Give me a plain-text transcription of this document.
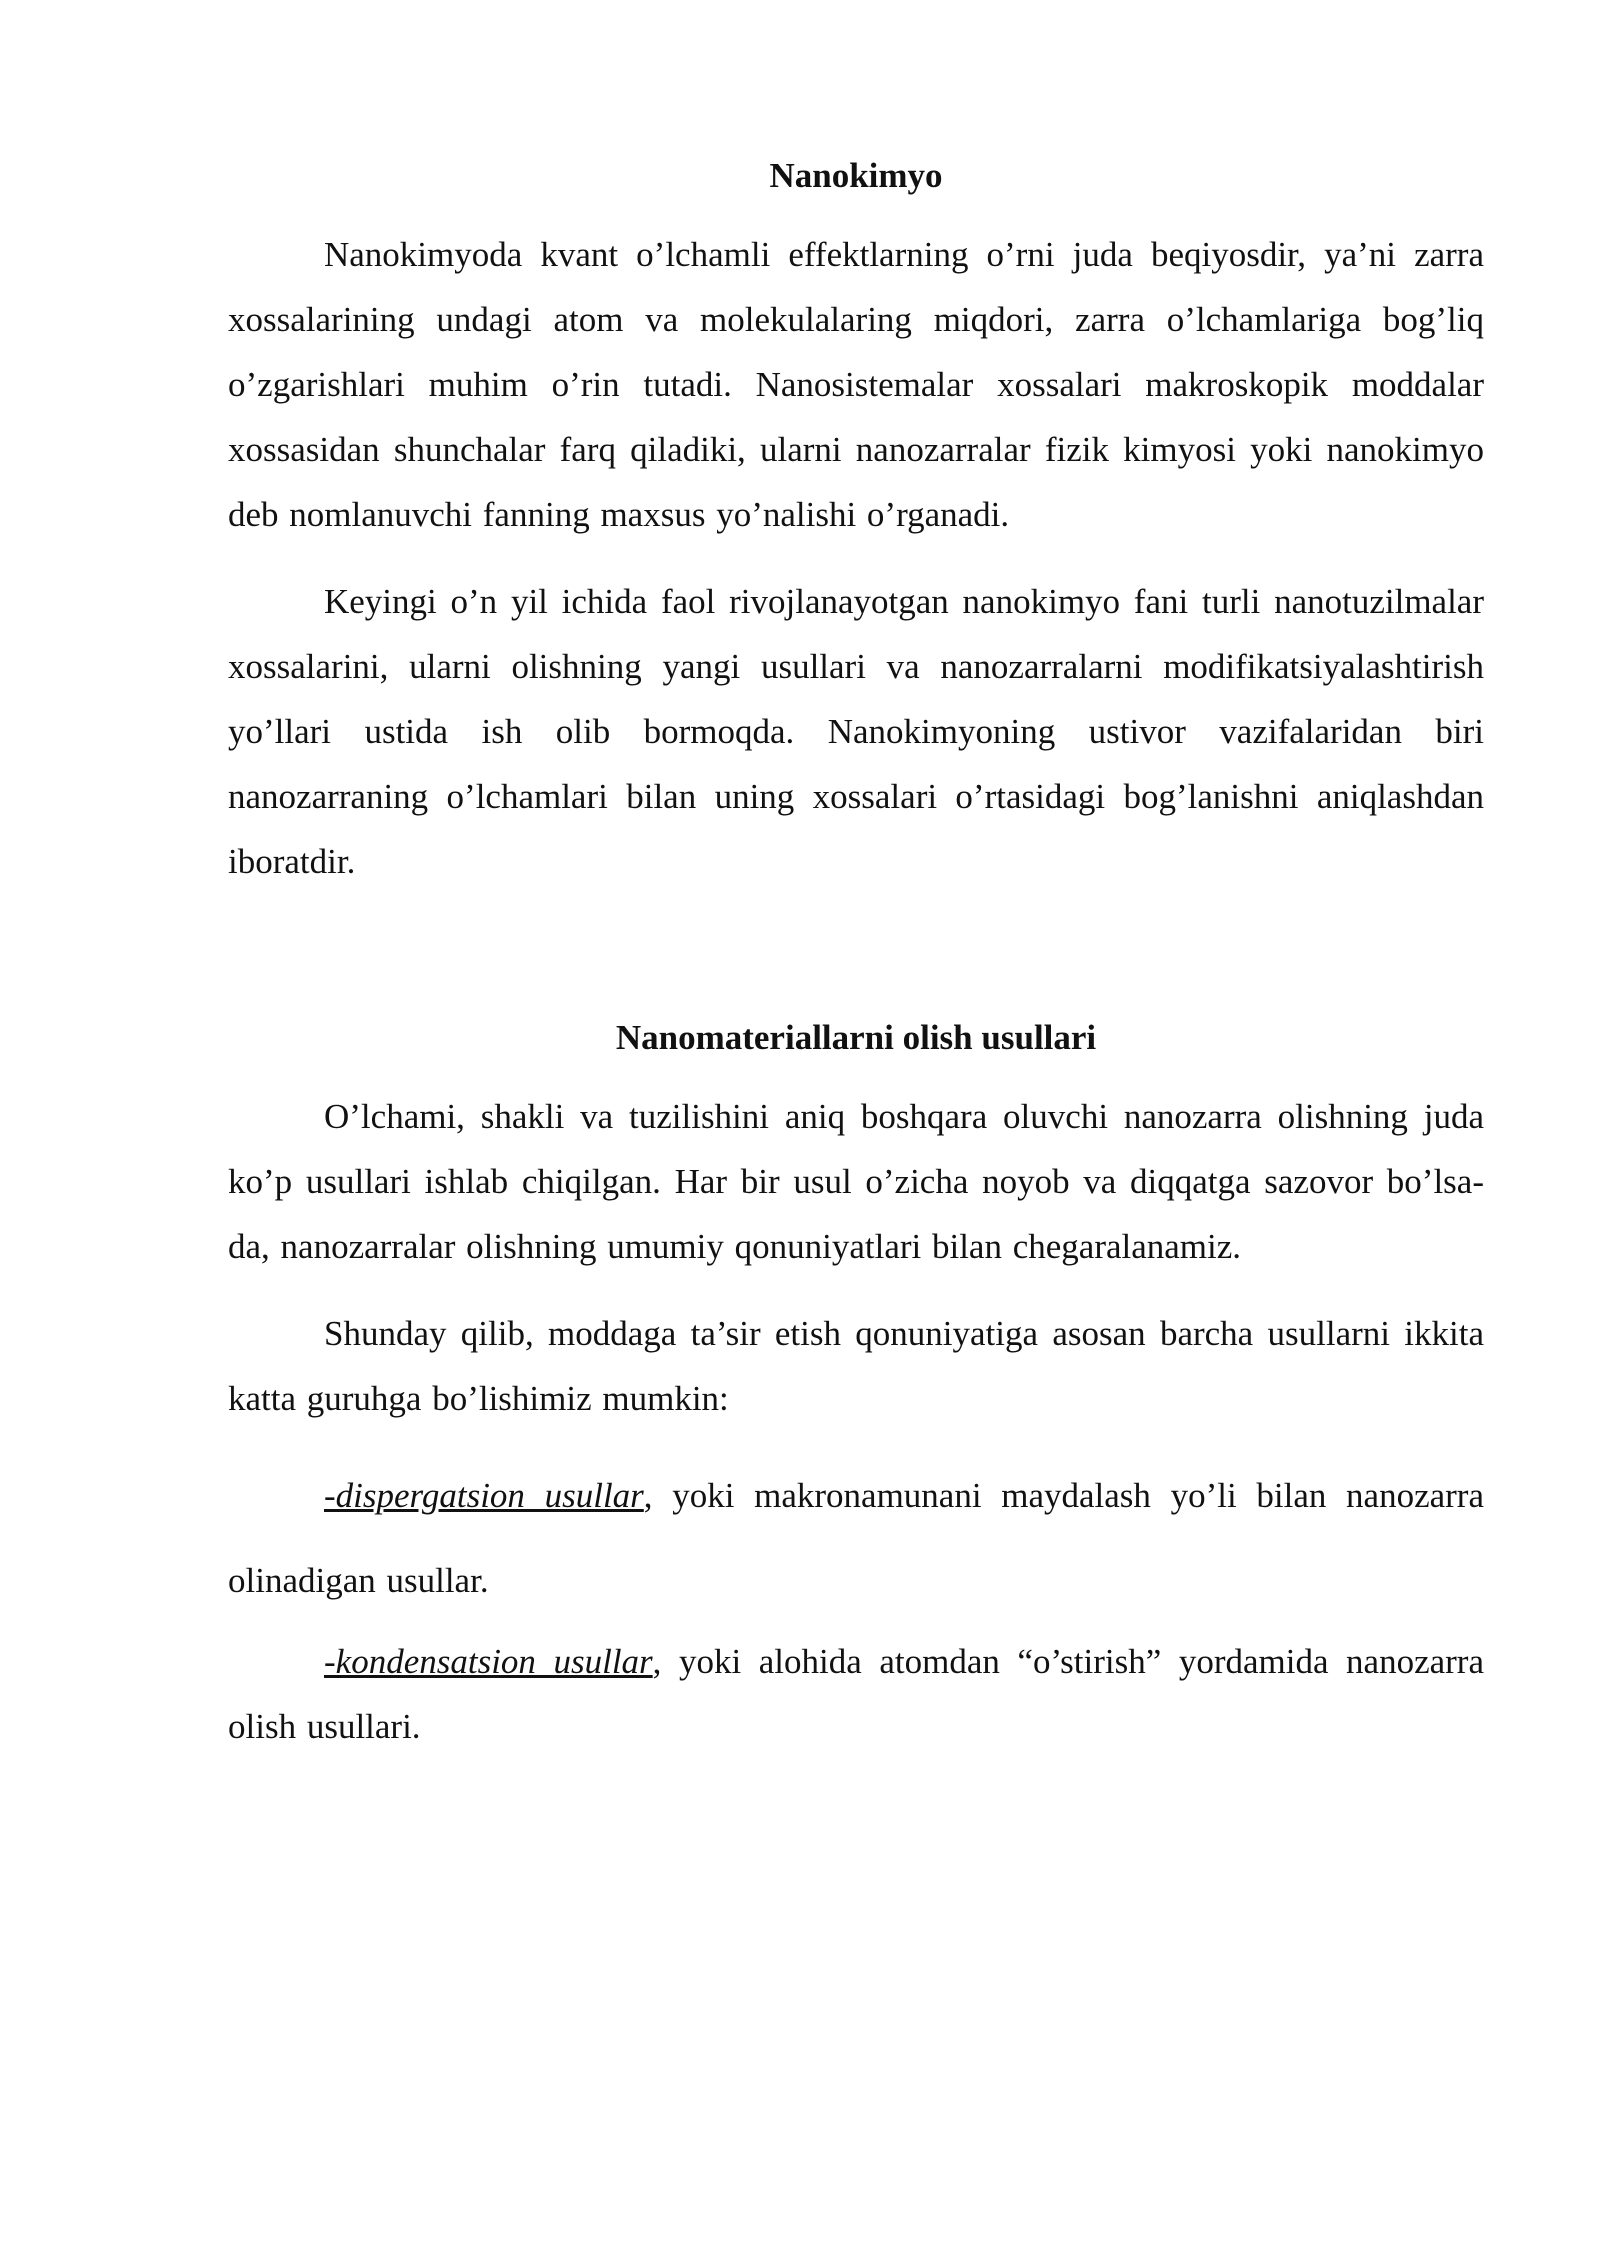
Nanokimyo

Nanokimyoda kvant o’lchamli effektlarning o’rni juda beqiyosdir, ya’ni zarra xossalarining undagi atom va molekulalaring miqdori, zarra o’lchamlariga bog’liq o’zgarishlari muhim o’rin tutadi. Nanosistemalar xossalari makroskopik moddalar xossasidan shunchalar farq qiladiki, ularni nanozarralar fizik kimyosi yoki nanokimyo deb nomlanuvchi fanning maxsus yo’nalishi o’rganadi.

Keyingi o’n yil ichida faol rivojlanayotgan nanokimyo fani turli nanotuzilmalar xossalarini, ularni olishning yangi usullari va nanozarralarni modifikatsiyalashtirish yo’llari ustida ish olib bormoqda. Nanokimyoning ustivor vazifalaridan biri nanozarraning o’lchamlari bilan uning xossalari o’rtasidagi bog’lanishni aniqlashdan iboratdir.

Nanomateriallarni olish usullari

O’lchami, shakli va tuzilishini aniq boshqara oluvchi nanozarra olishning juda ko’p usullari ishlab chiqilgan. Har bir usul o’zicha noyob va diqqatga sazovor bo’lsa-da, nanozarralar olishning umumiy qonuniyatlari bilan chegaralanamiz.

Shunday qilib, moddaga ta’sir etish qonuniyatiga asosan barcha usullarni ikkita katta guruhga bo’lishimiz mumkin:

-dispergatsion usullar, yoki makronamunani maydalash yo’li bilan nanozarra olinadigan usullar.

-kondensatsion usullar, yoki alohida atomdan “o’stirish” yordamida nanozarra olish usullari.
